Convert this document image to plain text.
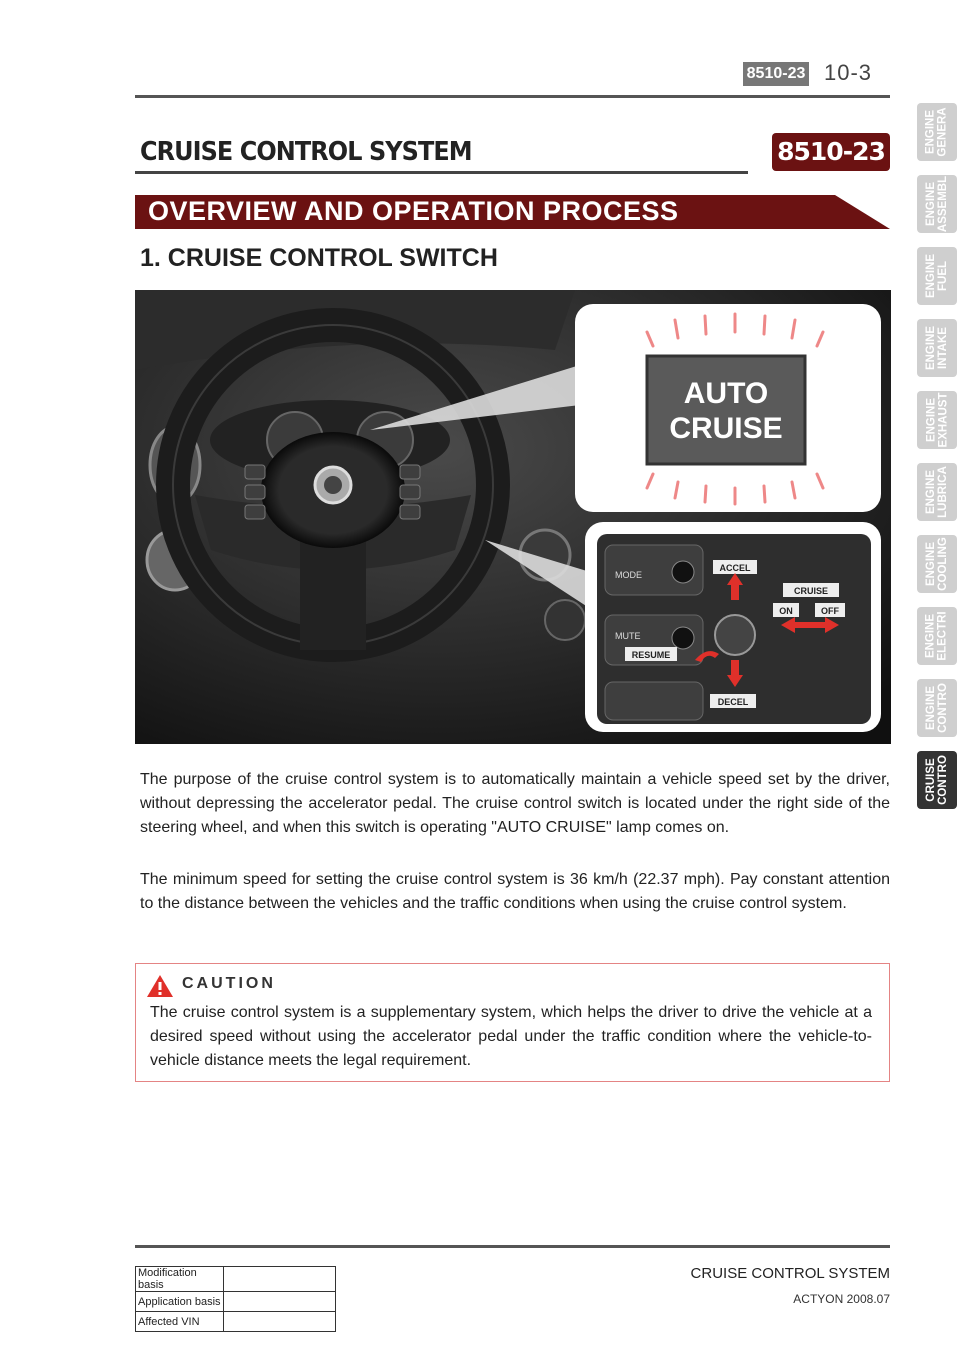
8510-23 10-3
CRUISE CONTROL SYSTEM	8510-23
OVERVIEW AND OPERATION PROCESS
1. CRUISE CONTROL SWITCH
AUTO
CRUISE
MODE
MUTE
ACCEL
CRUISE
ON	OFF
RESUME
DECEL
The purpose of the cruise control system is to automatically maintain a vehicle speed set by the driver, without depressing the accelerator pedal. The cruise control switch is located under the right side of the steering wheel, and when this switch is operating "AUTO CRUISE" lamp comes on.
The minimum speed for setting the cruise control system is 36 km/h (22.37 mph). Pay constant attention to the distance between the vehicles and the traffic conditions when using the cruise control system.
CAUTION
The cruise control system is a supplementary system, which helps the driver to drive the vehicle at a desired speed without using the accelerator pedal under the traffic condition where the vehicle-to-vehicle distance meets the legal requirement.
ENGINE
GENERA
ENGINE
ASSEMBL
ENGINE
FUEL
ENGINE
INTAKE
ENGINE
EXHAUST
ENGINE
LUBRICA
ENGINE
COOLING
ENGINE
ELECTRI
ENGINE
CONTRO
CRUISE
CONTRO
CRUISE CONTROL SYSTEM
ACTYON 2008.07
Modification basis	
Application basis	
Affected VIN	
